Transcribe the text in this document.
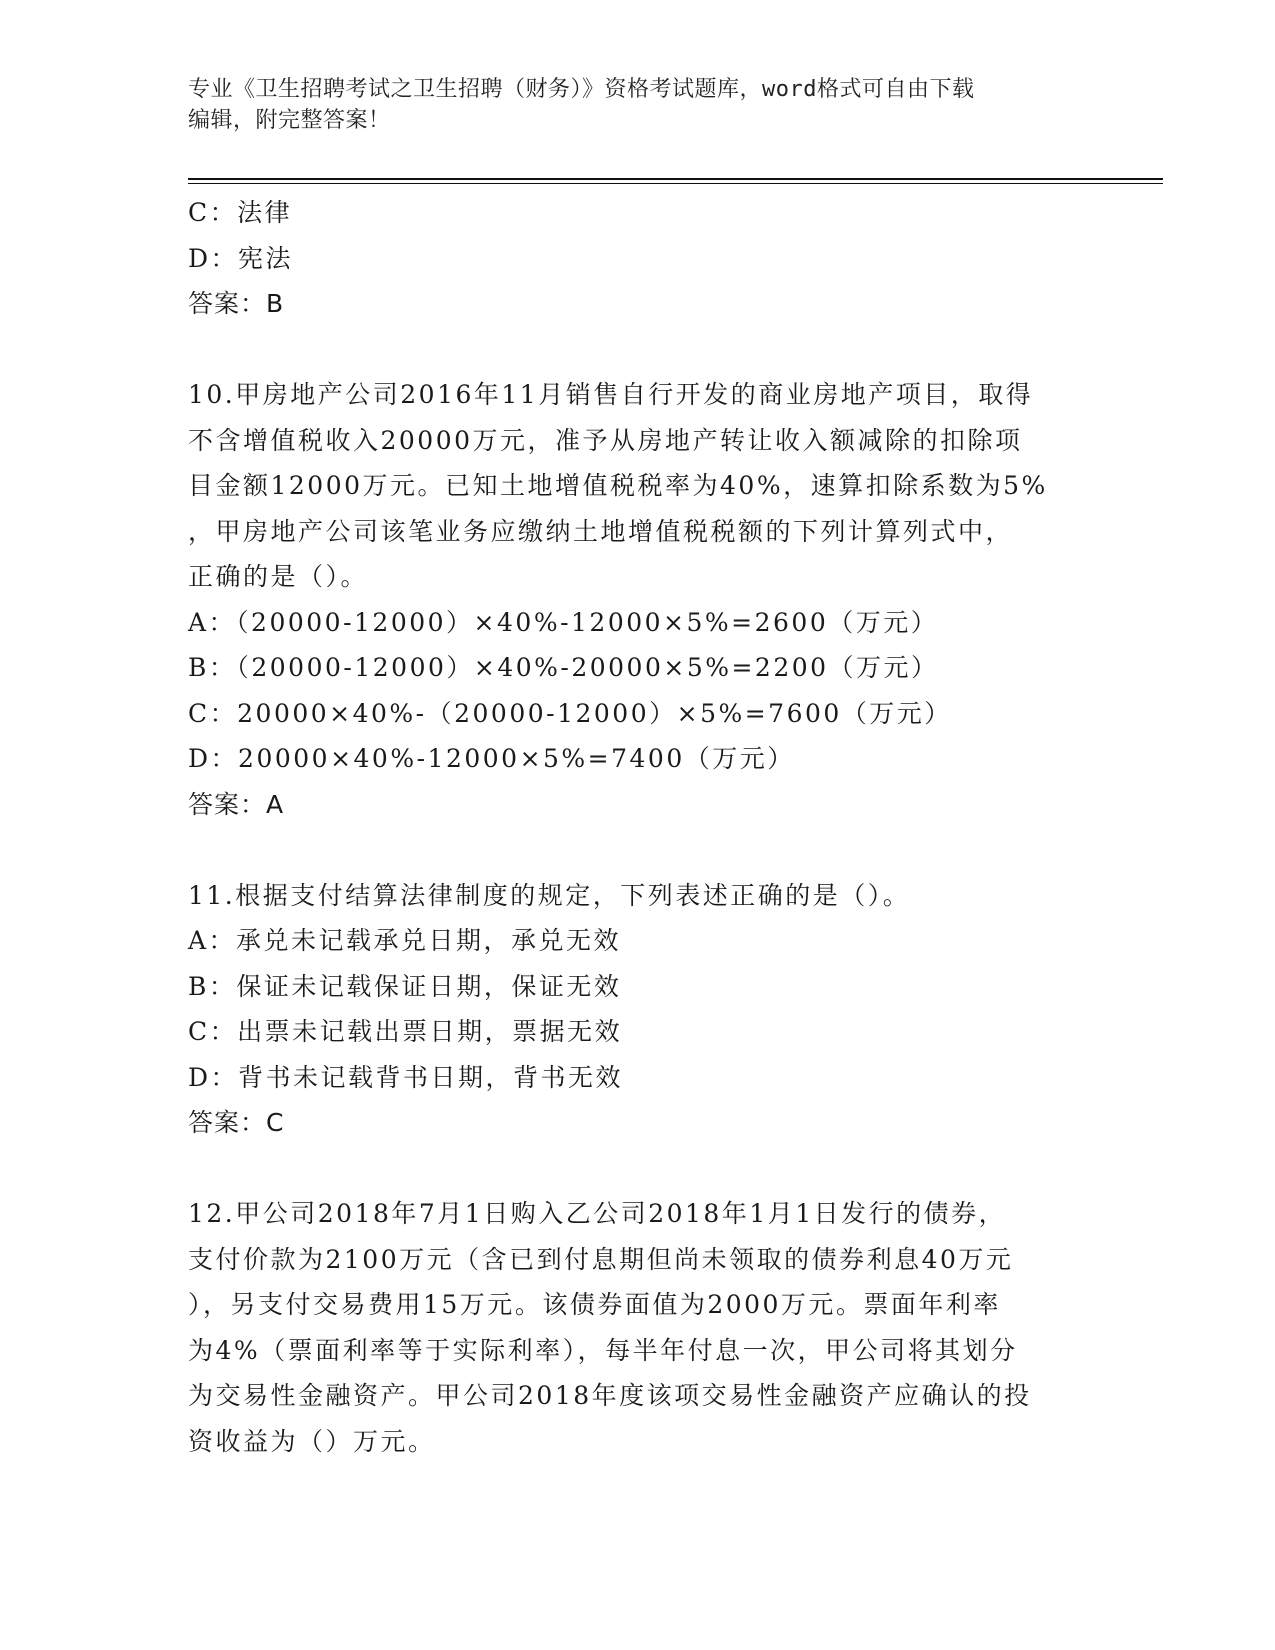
专业《卫生招聘考试之卫生招聘（财务）》资格考试题库，word格式可自由下载
编辑，附完整答案！
C：法律
D：宪法
答案：B
10.甲房地产公司2016年11月销售自行开发的商业房地产项目，取得
不含增值税收入20000万元，准予从房地产转让收入额减除的扣除项
目金额12000万元。已知土地增值税税率为40%，速算扣除系数为5%
，甲房地产公司该笔业务应缴纳土地增值税税额的下列计算列式中，
正确的是（）。
A：（20000-12000）×40%-12000×5%=2600（万元）
B：（20000-12000）×40%-20000×5%=2200（万元）
C：20000×40%-（20000-12000）×5%=7600（万元）
D：20000×40%-12000×5%=7400（万元）
答案：A
11.根据支付结算法律制度的规定，下列表述正确的是（）。
A：承兑未记载承兑日期，承兑无效
B：保证未记载保证日期，保证无效
C：出票未记载出票日期，票据无效
D：背书未记载背书日期，背书无效
答案：C
12.甲公司2018年7月1日购入乙公司2018年1月1日发行的债券，
支付价款为2100万元（含已到付息期但尚未领取的债券利息40万元
），另支付交易费用15万元。该债券面值为2000万元。票面年利率
为4%（票面利率等于实际利率），每半年付息一次，甲公司将其划分
为交易性金融资产。甲公司2018年度该项交易性金融资产应确认的投
资收益为（）万元。
